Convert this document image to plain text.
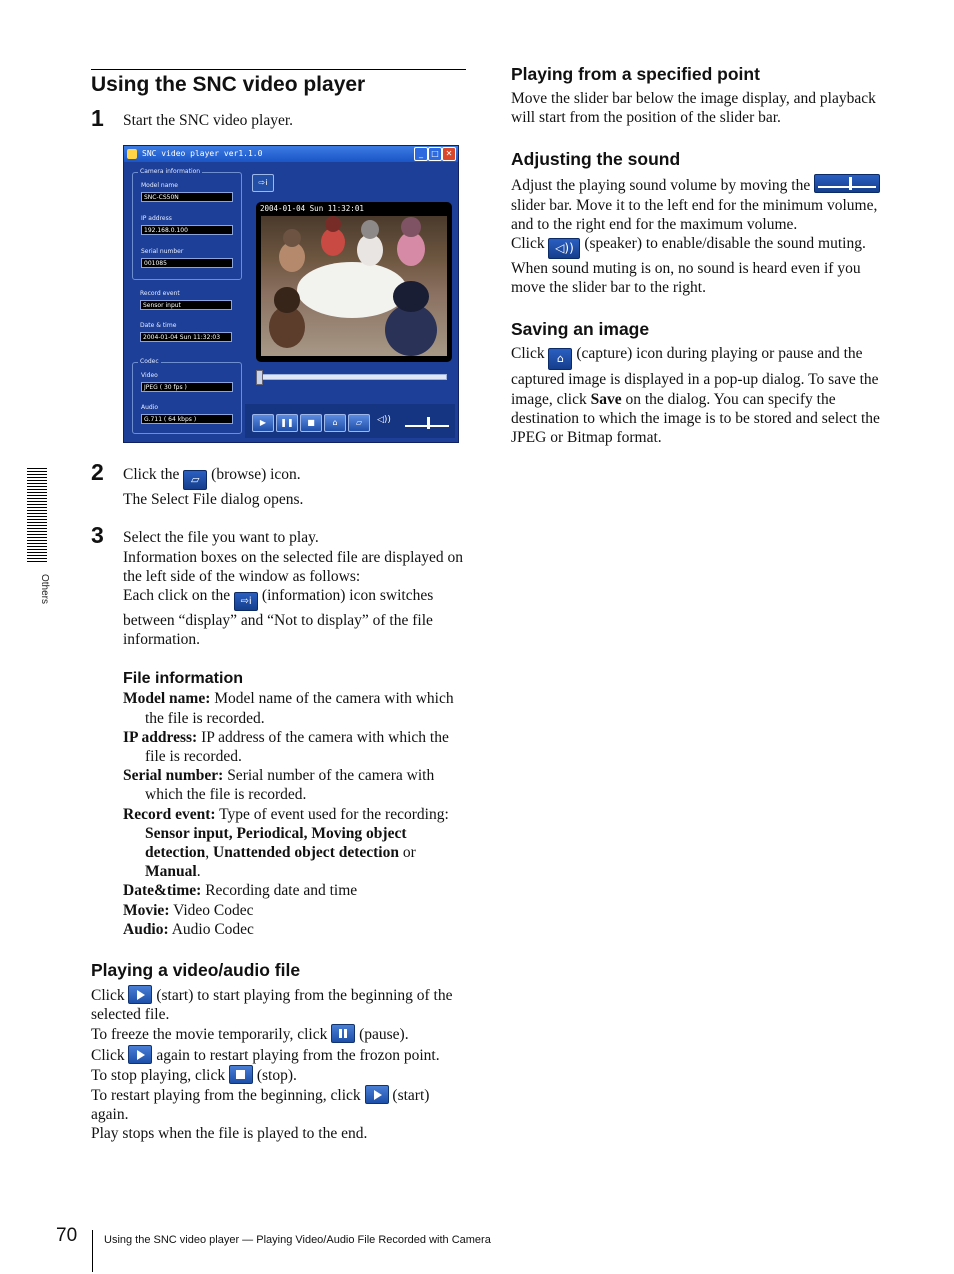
Others
Using the SNC video player
1 Start the SNC video player.

SNC video player ver1.1.0	_	□ ✕
Camera information
Model name
SNC-CS50N
IP address
192.168.0.100
Serial number
001085
Record event
Sensor input
Date & time
2004-01-04 Sun 11:32:03
Codec
Video
JPEG ( 30 fps )
Audio
G.711 ( 64 kbps )
⇨i
2004-01-04 Sun 11:32:01
▶	❚❚	■	⌂	▱	◁))
2 Click the ▱ (browse) icon.
The Select File dialog opens.

3 Select the file you want to play.

Information boxes on the selected file are displayed on the left side of the window as follows:

Each click on the ⇨i (information) icon switches between “display” and “Not to display” of the file information.

File information

Model name: Model name of the camera with which the file is recorded.

IP address: IP address of the camera with which the file is recorded.

Serial number: Serial number of the camera with which the file is recorded.

Record event: Type of event used for the recording: Sensor input, Periodical, Moving object detection, Unattended object detection or Manual.

Date&time: Recording date and time

Movie: Video Codec

Audio: Audio Codec

Playing a video/audio file

Click (start) to start playing from the beginning of the selected file.

To freeze the movie temporarily, click (pause).

Click again to restart playing from the frozon point.

To stop playing, click (stop).

To restart playing from the beginning, click (start) again.

Play stops when the file is played to the end.

Playing from a specified point

Move the slider bar below the image display, and playback will start from the position of the slider bar.

Adjusting the sound

Adjust the playing sound volume by moving the  slider bar. Move it to the left end for the minimum volume, and to the right end for the maximum volume.

Click ◁)) (speaker) to enable/disable the sound muting.

When sound muting is on, no sound is heard even if you move the slider bar to the right.

Saving an image

Click ⌂ (capture) icon during playing or pause and the captured image is displayed in a pop-up dialog. To save the image, click Save on the dialog. You can specify the destination to which the image is to be stored and select the JPEG or Bitmap format.

70 Using the SNC video player — Playing Video/Audio File Recorded with Camera
